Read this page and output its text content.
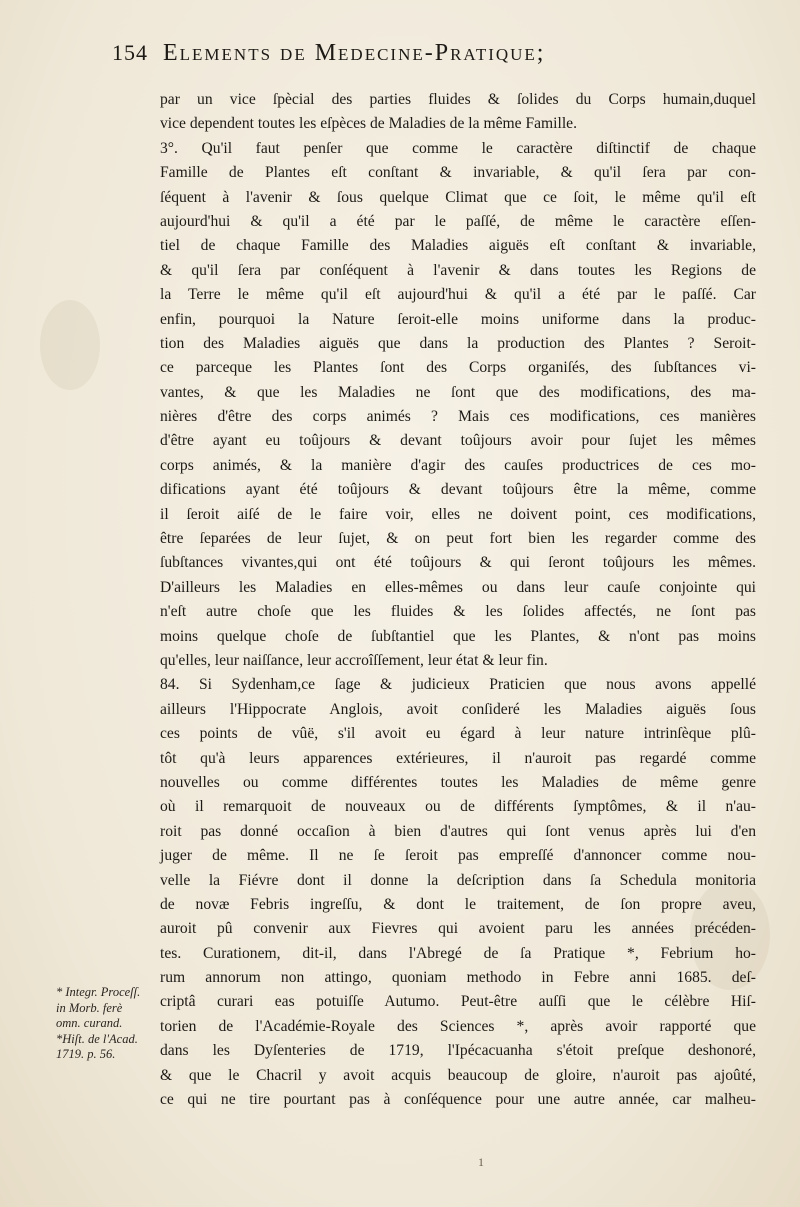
154 Elements de Medecine-Pratique;
par un vice ſpècial des parties fluides & ſolides du Corps humain,duquel
vice dependent toutes les eſpèces de Maladies de la même Famille.
3°. Qu'il faut penſer que comme le caractère diſtinctif de chaque
Famille de Plantes eſt conſtant & invariable, & qu'il ſera par con-
ſéquent à l'avenir & ſous quelque Climat que ce ſoit, le même qu'il eſt
aujourd'hui & qu'il a été par le paſſé, de même le caractère eſſen-
tiel de chaque Famille des Maladies aiguës eſt conſtant & invariable,
& qu'il ſera par conſéquent à l'avenir & dans toutes les Regions de
la Terre le même qu'il eſt aujourd'hui & qu'il a été par le paſſé. Car
enfin, pourquoi la Nature ſeroit-elle moins uniforme dans la produc-
tion des Maladies aiguës que dans la production des Plantes ? Seroit-
ce parceque les Plantes ſont des Corps organiſés, des ſubſtances vi-
vantes, & que les Maladies ne ſont que des modifications, des ma-
nières d'être des corps animés ? Mais ces modifications, ces manières
d'être ayant eu toûjours & devant toûjours avoir pour ſujet les mêmes
corps animés, & la manière d'agir des cauſes productrices de ces mo-
difications ayant été toûjours & devant toûjours être la même, comme
il ſeroit aiſé de le faire voir, elles ne doivent point, ces modifications,
être ſeparées de leur ſujet, & on peut fort bien les regarder comme des
ſubſtances vivantes,qui ont été toûjours & qui ſeront toûjours les mêmes.
D'ailleurs les Maladies en elles-mêmes ou dans leur cauſe conjointe qui
n'eſt autre choſe que les fluides & les ſolides affectés, ne ſont pas
moins quelque choſe de ſubſtantiel que les Plantes, & n'ont pas moins
qu'elles, leur naiſſance, leur accroîſſement, leur état & leur fin.
84. Si Sydenham,ce ſage & judicieux Praticien que nous avons appellé
ailleurs l'Hippocrate Anglois, avoit conſideré les Maladies aiguës ſous
ces points de vûë, s'il avoit eu égard à leur nature intrinſèque plû-
tôt qu'à leurs apparences extérieures, il n'auroit pas regardé comme
nouvelles ou comme différentes toutes les Maladies de même genre
où il remarquoit de nouveaux ou de différents ſymptômes, & il n'au-
roit pas donné occaſion à bien d'autres qui ſont venus après lui d'en
juger de même. Il ne ſe ſeroit pas empreſſé d'annoncer comme nou-
velle la Fiévre dont il donne la deſcription dans ſa Schedula monitoria
de novæ Febris ingreſſu, & dont le traitement, de ſon propre aveu,
auroit pû convenir aux Fievres qui avoient paru les années précéden-
tes. Curationem, dit-il, dans l'Abregé de ſa Pratique *, Febrium ho-
rum annorum non attingo, quoniam methodo in Febre anni 1685. deſ-
criptâ curari eas potuiſſe Autumo. Peut-être auſſi que le célèbre Hiſ-
torien de l'Académie-Royale des Sciences *, après avoir rapporté que
dans les Dyſenteries de 1719, l'Ipécacuanha s'étoit preſque deshonoré,
& que le Chacril y avoit acquis beaucoup de gloire, n'auroit pas ajoûté,
ce qui ne tire pourtant pas à conſéquence pour une autre année, car malheu-
* Integr. Proceſſ.
in Morb. ferè
omn. curand.
*Hiſt. de l'Acad.
1719. p. 56.
1
